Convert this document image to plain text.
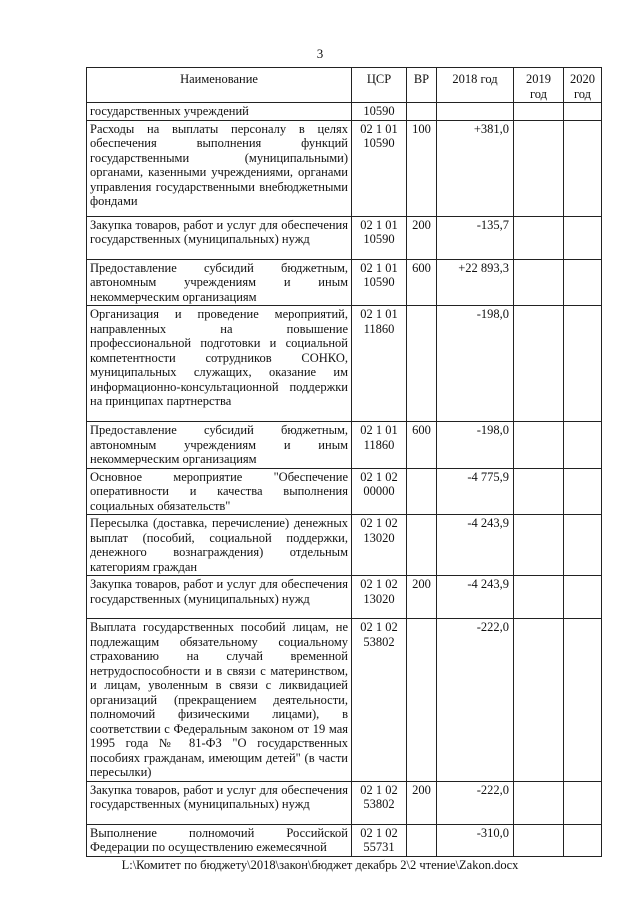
3
Наименование	ЦСР	ВР	2018 год	2019 год	2020 год
государственных учреждений	10590				
Расходы на выплаты персоналу в целях обеспечения выполнения функций государственными (муниципальными) органами, казенными учреждениями, органами управления государственными внебюджетными фондами	02 1 01 10590	100	+381,0		
Закупка товаров, работ и услуг для обеспечения государственных (муниципальных) нужд	02 1 01 10590	200	-135,7		
Предоставление субсидий бюджетным, автономным учреждениям и иным некоммерческим организациям	02 1 01 10590	600	+22 893,3		
Организация и проведение мероприятий, направленных на повышение профессиональной подготовки и социальной компетентности сотрудников СОНКО, муниципальных служащих, оказание им информационно-консультационной поддержки на принципах партнерства	02 1 01 11860		-198,0		
Предоставление субсидий бюджетным, автономным учреждениям и иным некоммерческим организациям	02 1 01 11860	600	-198,0		
Основное мероприятие "Обеспечение оперативности и качества выполнения социальных обязательств"	02 1 02 00000		-4 775,9		
Пересылка (доставка, перечисление) денежных выплат (пособий, социальной поддержки, денежного вознаграждения) отдельным категориям граждан	02 1 02 13020		-4 243,9		
Закупка товаров, работ и услуг для обеспечения государственных (муниципальных) нужд	02 1 02 13020	200	-4 243,9		
Выплата государственных пособий лицам, не подлежащим обязательному социальному страхованию на случай временной нетрудоспособности и в связи с материнством, и лицам, уволенным в связи с ликвидацией организаций (прекращением деятельности, полномочий физическими лицами), в соответствии с Федеральным законом от 19 мая 1995 года № 81-ФЗ "О государственных пособиях гражданам, имеющим детей" (в части пересылки)	02 1 02 53802		-222,0		
Закупка товаров, работ и услуг для обеспечения государственных (муниципальных) нужд	02 1 02 53802	200	-222,0		
Выполнение полномочий Российской Федерации по осуществлению ежемесячной	02 1 02 55731		-310,0		
L:\Комитет по бюджету\2018\закон\бюджет декабрь 2\2 чтение\Zakon.docx
